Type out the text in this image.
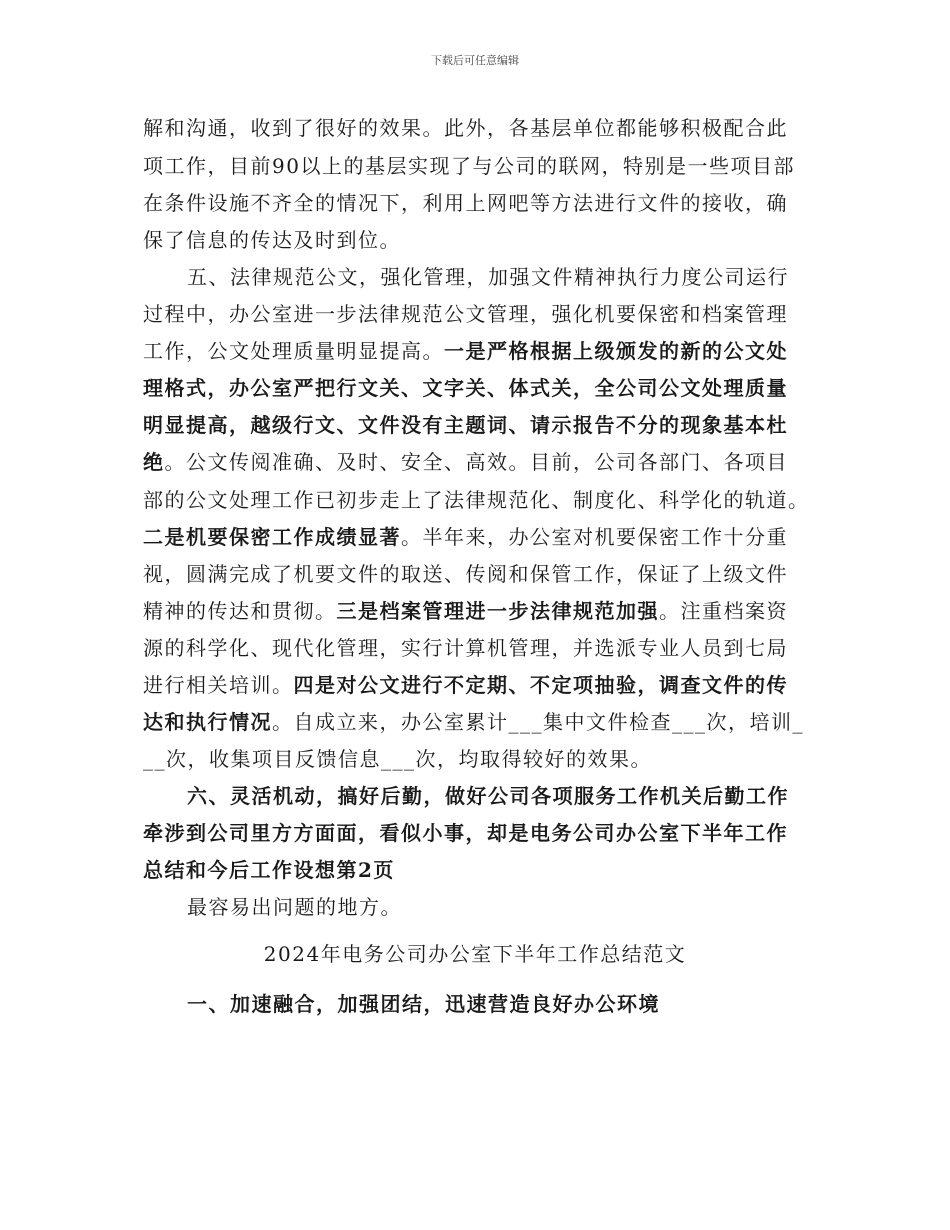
下载后可任意编辑
解和沟通，收到了很好的效果。此外，各基层单位都能够积极配合此
项工作，目前90以上的基层实现了与公司的联网，特别是一些项目部
在条件设施不齐全的情况下，利用上网吧等方法进行文件的接收，确
保了信息的传达及时到位。
五、法律规范公文，强化管理，加强文件精神执行力度公司运行
过程中，办公室进一步法律规范公文管理，强化机要保密和档案管理
工作，公文处理质量明显提高。一是严格根据上级颁发的新的公文处
理格式，办公室严把行文关、文字关、体式关，全公司公文处理质量
明显提高，越级行文、文件没有主题词、请示报告不分的现象基本杜
绝。公文传阅准确、及时、安全、高效。目前，公司各部门、各项目
部的公文处理工作已初步走上了法律规范化、制度化、科学化的轨道。
二是机要保密工作成绩显著。半年来，办公室对机要保密工作十分重
视，圆满完成了机要文件的取送、传阅和保管工作，保证了上级文件
精神的传达和贯彻。三是档案管理进一步法律规范加强。注重档案资
源的科学化、现代化管理，实行计算机管理，并选派专业人员到七局
进行相关培训。四是对公文进行不定期、不定项抽验，调查文件的传
达和执行情况。自成立来，办公室累计___集中文件检查___次，培训_
__次，收集项目反馈信息___次，均取得较好的效果。
六、灵活机动，搞好后勤，做好公司各项服务工作机关后勤工作
牵涉到公司里方方面面，看似小事，却是电务公司办公室下半年工作
总结和今后工作设想第2页
最容易出问题的地方。
2024年电务公司办公室下半年工作总结范文
一、加速融合，加强团结，迅速营造良好办公环境
